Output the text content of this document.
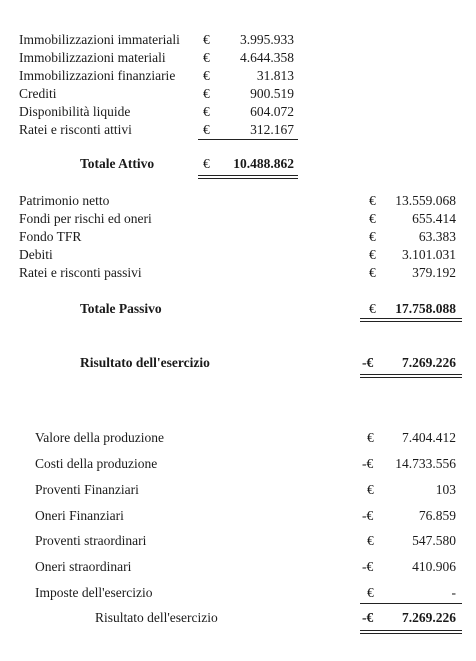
Immobilizzazioni immateriali €	3.995.933
Immobilizzazioni materiali	€	4.644.358
Immobilizzazioni finanziarie €	31.813
Crediti	€	900.519
Disponibilità liquide	€	604.072
Ratei e risconti attivi	€	312.167
Totale Attivo	€	10.488.862
Patrimonio netto	€	13.559.068
Fondi per rischi ed oneri	€	655.414
Fondo TFR	€	63.383
Debiti	€	3.101.031
Ratei e risconti passivi	€	379.192
Totale Passivo	€	17.758.088
Risultato dell'esercizio	-€	7.269.226
Valore della produzione	€	7.404.412
Costi della produzione	-€	14.733.556
Proventi Finanziari	€	103
Oneri Finanziari	-€	76.859
Proventi straordinari	€	547.580
Oneri straordinari	-€	410.906
Imposte dell'esercizio	€	-
Risultato dell'esercizio	-€	7.269.226
